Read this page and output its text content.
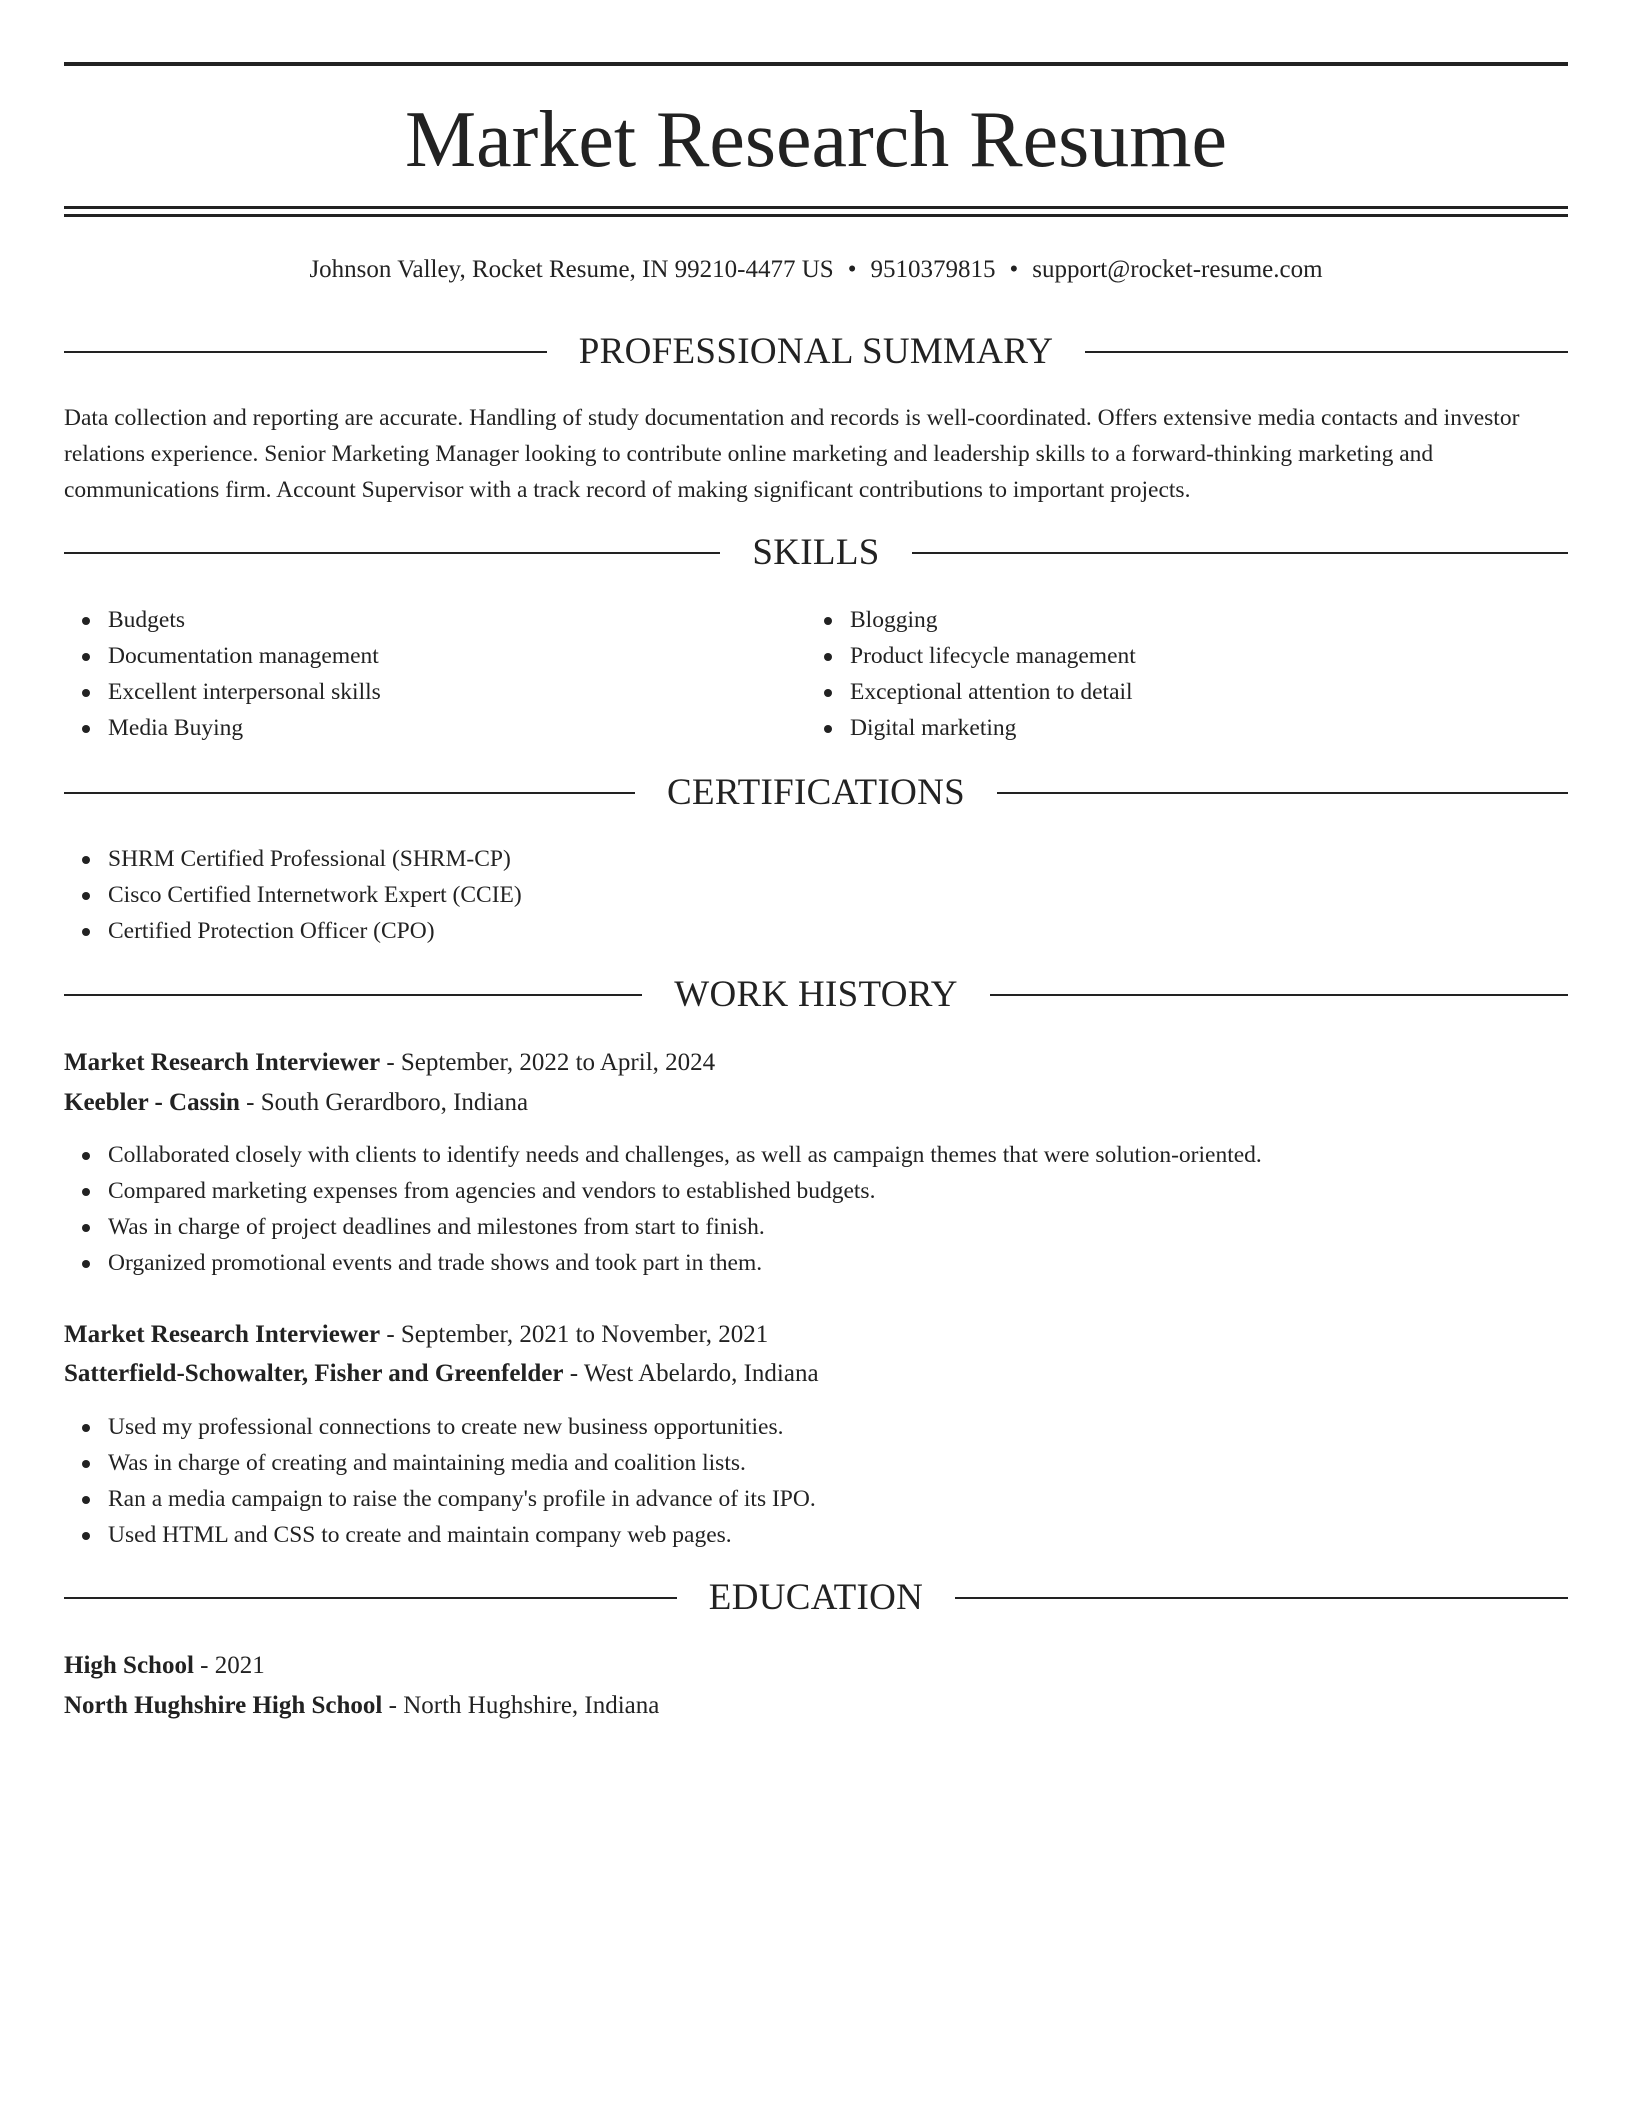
Market Research Resume
Johnson Valley, Rocket Resume, IN 99210-4477 US • 9510379815 • support@rocket-resume.com
PROFESSIONAL SUMMARY

Data collection and reporting are accurate. Handling of study documentation and records is well-coordinated. Offers extensive media contacts and investor relations experience. Senior Marketing Manager looking to contribute online marketing and leadership skills to a forward-thinking marketing and communications firm. Account Supervisor with a track record of making significant contributions to important projects.

SKILLS
Budgets
Documentation management
Excellent interpersonal skills
Media Buying
Blogging
Product lifecycle management
Exceptional attention to detail
Digital marketing
CERTIFICATIONS
SHRM Certified Professional (SHRM-CP)
Cisco Certified Internetwork Expert (CCIE)
Certified Protection Officer (CPO)
WORK HISTORY
Market Research Interviewer - September, 2022 to April, 2024
Keebler - Cassin - South Gerardboro, Indiana
Collaborated closely with clients to identify needs and challenges, as well as campaign themes that were solution-oriented.
Compared marketing expenses from agencies and vendors to established budgets.
Was in charge of project deadlines and milestones from start to finish.
Organized promotional events and trade shows and took part in them.
Market Research Interviewer - September, 2021 to November, 2021
Satterfield-Schowalter, Fisher and Greenfelder - West Abelardo, Indiana
Used my professional connections to create new business opportunities.
Was in charge of creating and maintaining media and coalition lists.
Ran a media campaign to raise the company's profile in advance of its IPO.
Used HTML and CSS to create and maintain company web pages.
EDUCATION
High School - 2021
North Hughshire High School - North Hughshire, Indiana
